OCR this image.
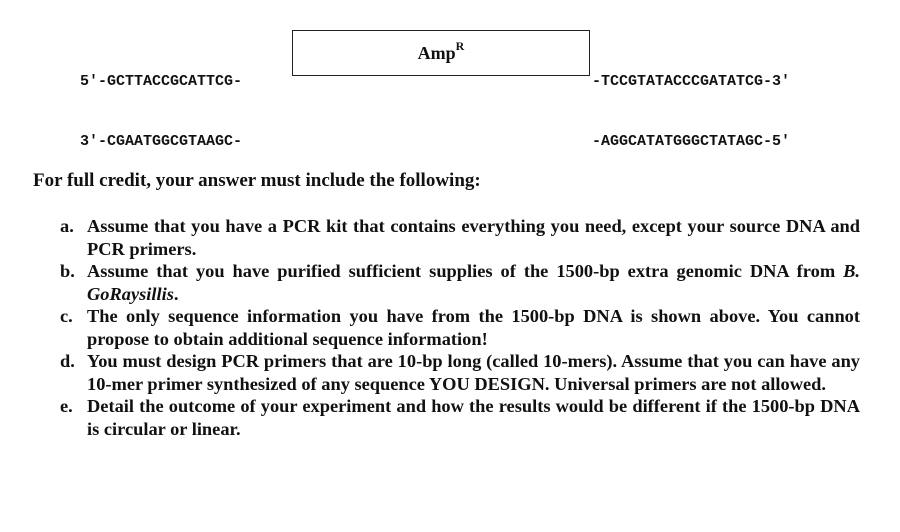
5'-GCTTACCGCATTCG-

3'-CGAATGGCGTAAGC-

Amp$^R$

-TCCGTATACCCGATATCG-3'

-AGGCATATGGGCTATAGC-5'

For full credit, your answer must include the following:
a. Assume that you have a PCR kit that contains everything you need, except your source DNA and PCR primers.
b. Assume that you have purified sufficient supplies of the 1500-bp extra genomic DNA from B. GoRaysillis.
c. The only sequence information you have from the 1500-bp DNA is shown above. You cannot propose to obtain additional sequence information!
d. You must design PCR primers that are 10-bp long (called 10-mers). Assume that you can have any 10-mer primer synthesized of any sequence YOU DESIGN. Universal primers are not allowed.
e. Detail the outcome of your experiment and how the results would be different if the 1500-bp DNA is circular or linear.
